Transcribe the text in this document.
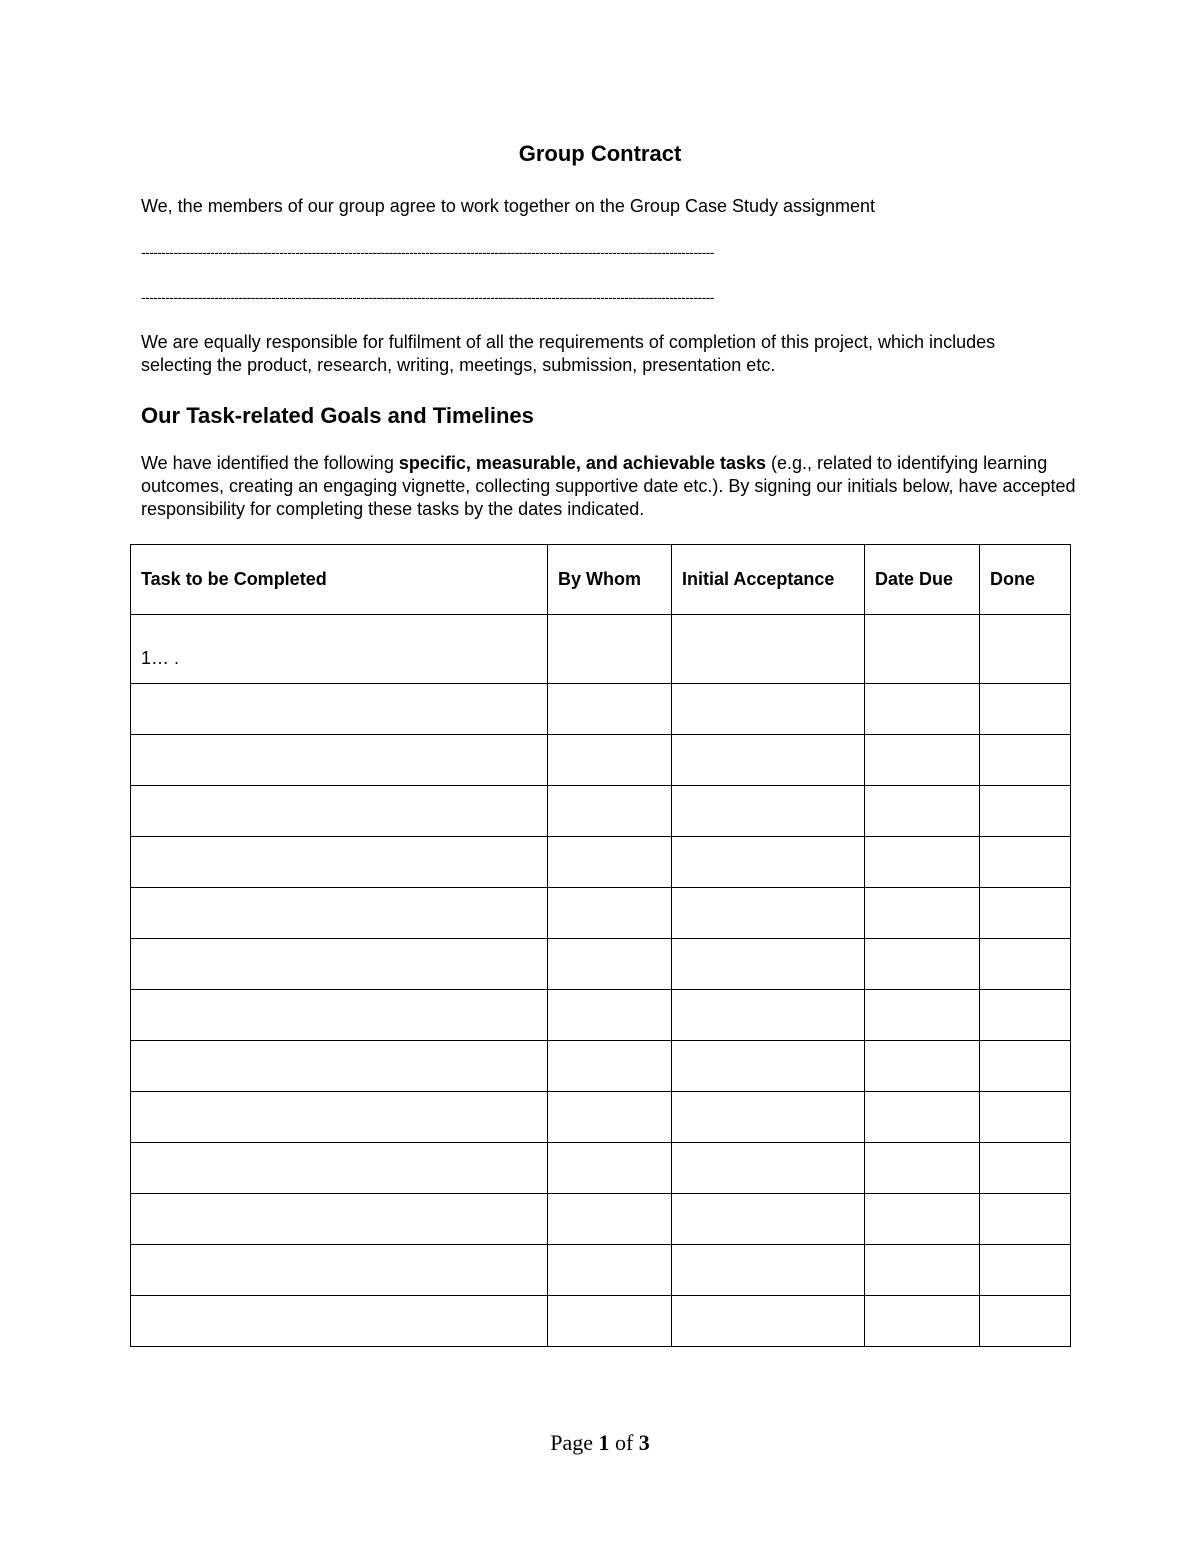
Group Contract

We, the members of our group agree to work together on the Group Case Study assignment

---------------------------------------------------------------------------------------------------------------------------------------------
---------------------------------------------------------------------------------------------------------------------------------------------

We are equally responsible for fulfilment of all the requirements of completion of this project, which includes selecting the product, research, writing, meetings, submission, presentation etc.

Our Task-related Goals and Timelines

We have identified the following specific, measurable, and achievable tasks (e.g., related to identifying learning outcomes, creating an engaging vignette, collecting supportive date etc.). By signing our initials below, have accepted responsibility for completing these tasks by the dates indicated.

Task to be Completed	By Whom	Initial Acceptance	Date Due	Done
1… .				

Page 1 of 3
